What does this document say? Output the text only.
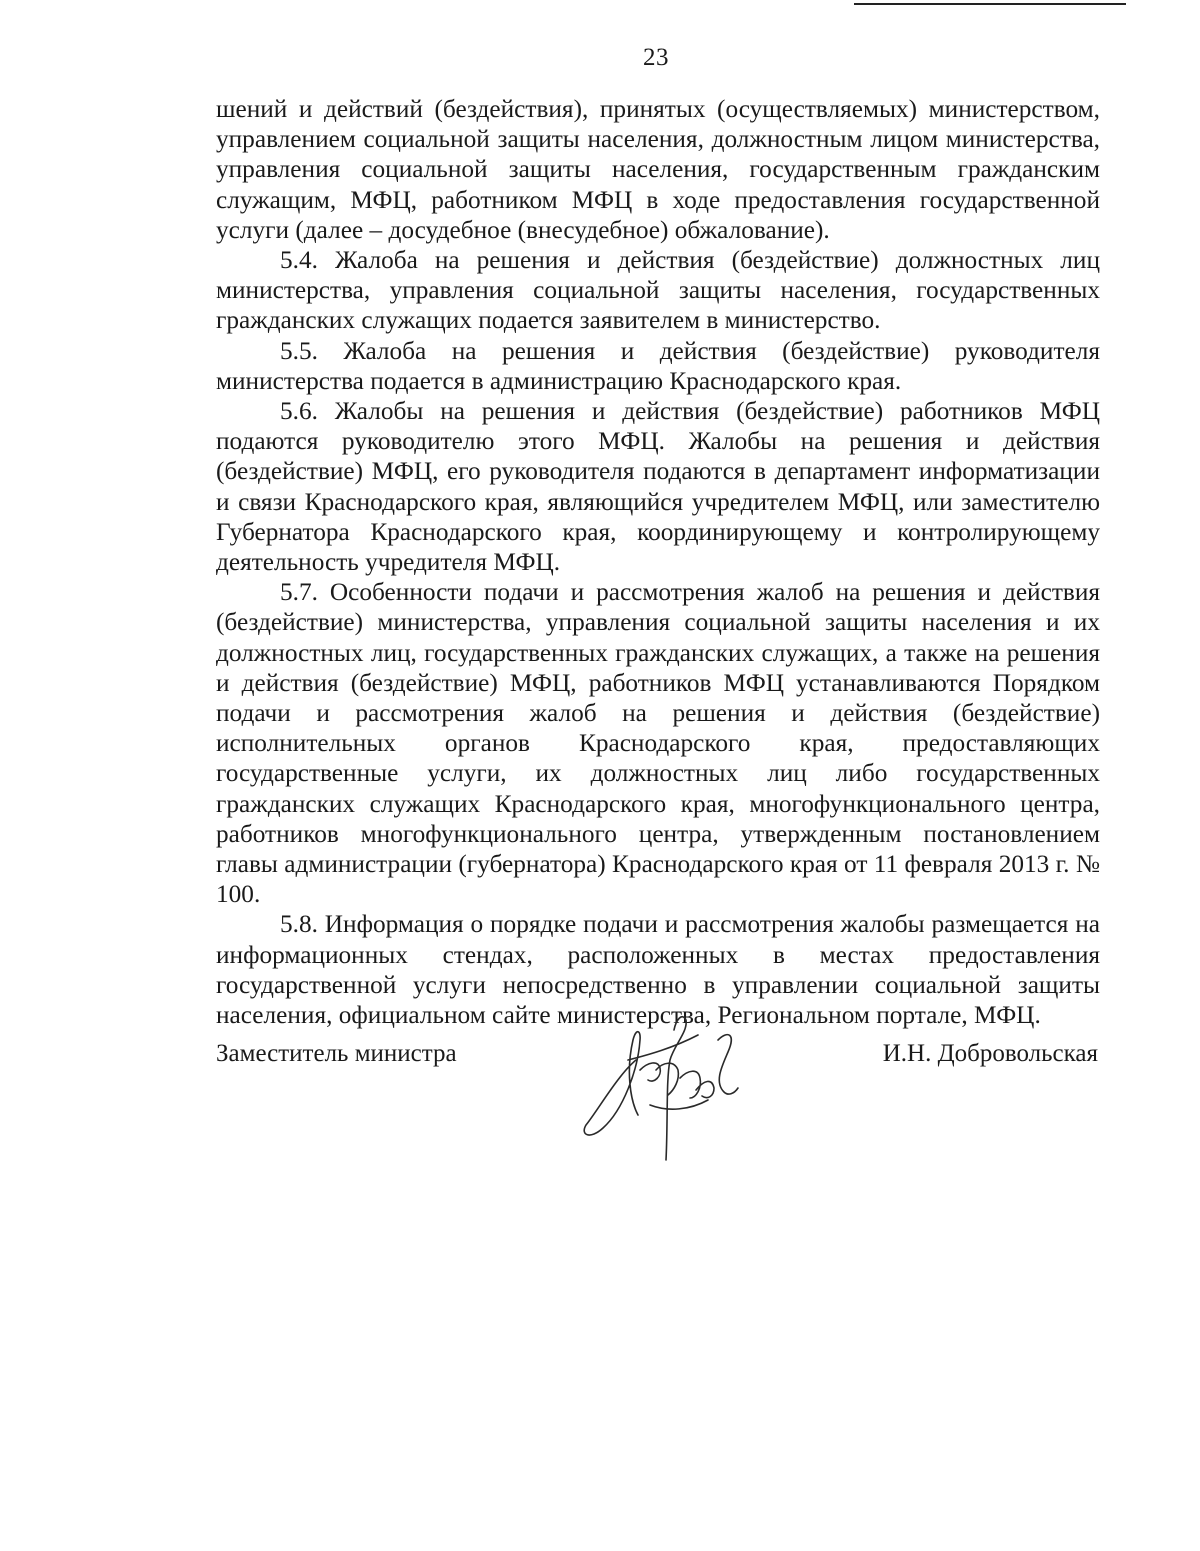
23

шений и действий (бездействия), принятых (осуществляемых) министерством, управлением социальной защиты населения, должностным лицом министерства, управления социальной защиты населения, государственным гражданским служащим, МФЦ, работником МФЦ в ходе предоставления государственной услуги (далее – досудебное (внесудебное) обжалование).

5.4. Жалоба на решения и действия (бездействие) должностных лиц министерства, управления социальной защиты населения, государственных гражданских служащих подается заявителем в министерство.

5.5. Жалоба на решения и действия (бездействие) руководителя министерства подается в администрацию Краснодарского края.

5.6. Жалобы на решения и действия (бездействие) работников МФЦ подаются руководителю этого МФЦ. Жалобы на решения и действия (бездействие) МФЦ, его руководителя подаются в департамент информатизации и связи Краснодарского края, являющийся учредителем МФЦ, или заместителю Губернатора Краснодарского края, координирующему и контролирующему деятельность учредителя МФЦ.

5.7. Особенности подачи и рассмотрения жалоб на решения и действия (бездействие) министерства, управления социальной защиты населения и их должностных лиц, государственных гражданских служащих, а также на решения и действия (бездействие) МФЦ, работников МФЦ устанавливаются Порядком подачи и рассмотрения жалоб на решения и действия (бездействие) исполнительных органов Краснодарского края, предоставляющих государственные услуги, их должностных лиц либо государственных гражданских служащих Краснодарского края, многофункционального центра, работников многофункционального центра, утвержденным постановлением главы администрации (губернатора) Краснодарского края от 11 февраля 2013 г. № 100.

5.8. Информация о порядке подачи и рассмотрения жалобы размещается на информационных стендах, расположенных в местах предоставления государственной услуги непосредственно в управлении социальной защиты населения, официальном сайте министерства, Региональном портале, МФЦ.

Заместитель министра	И.Н. Добровольская
